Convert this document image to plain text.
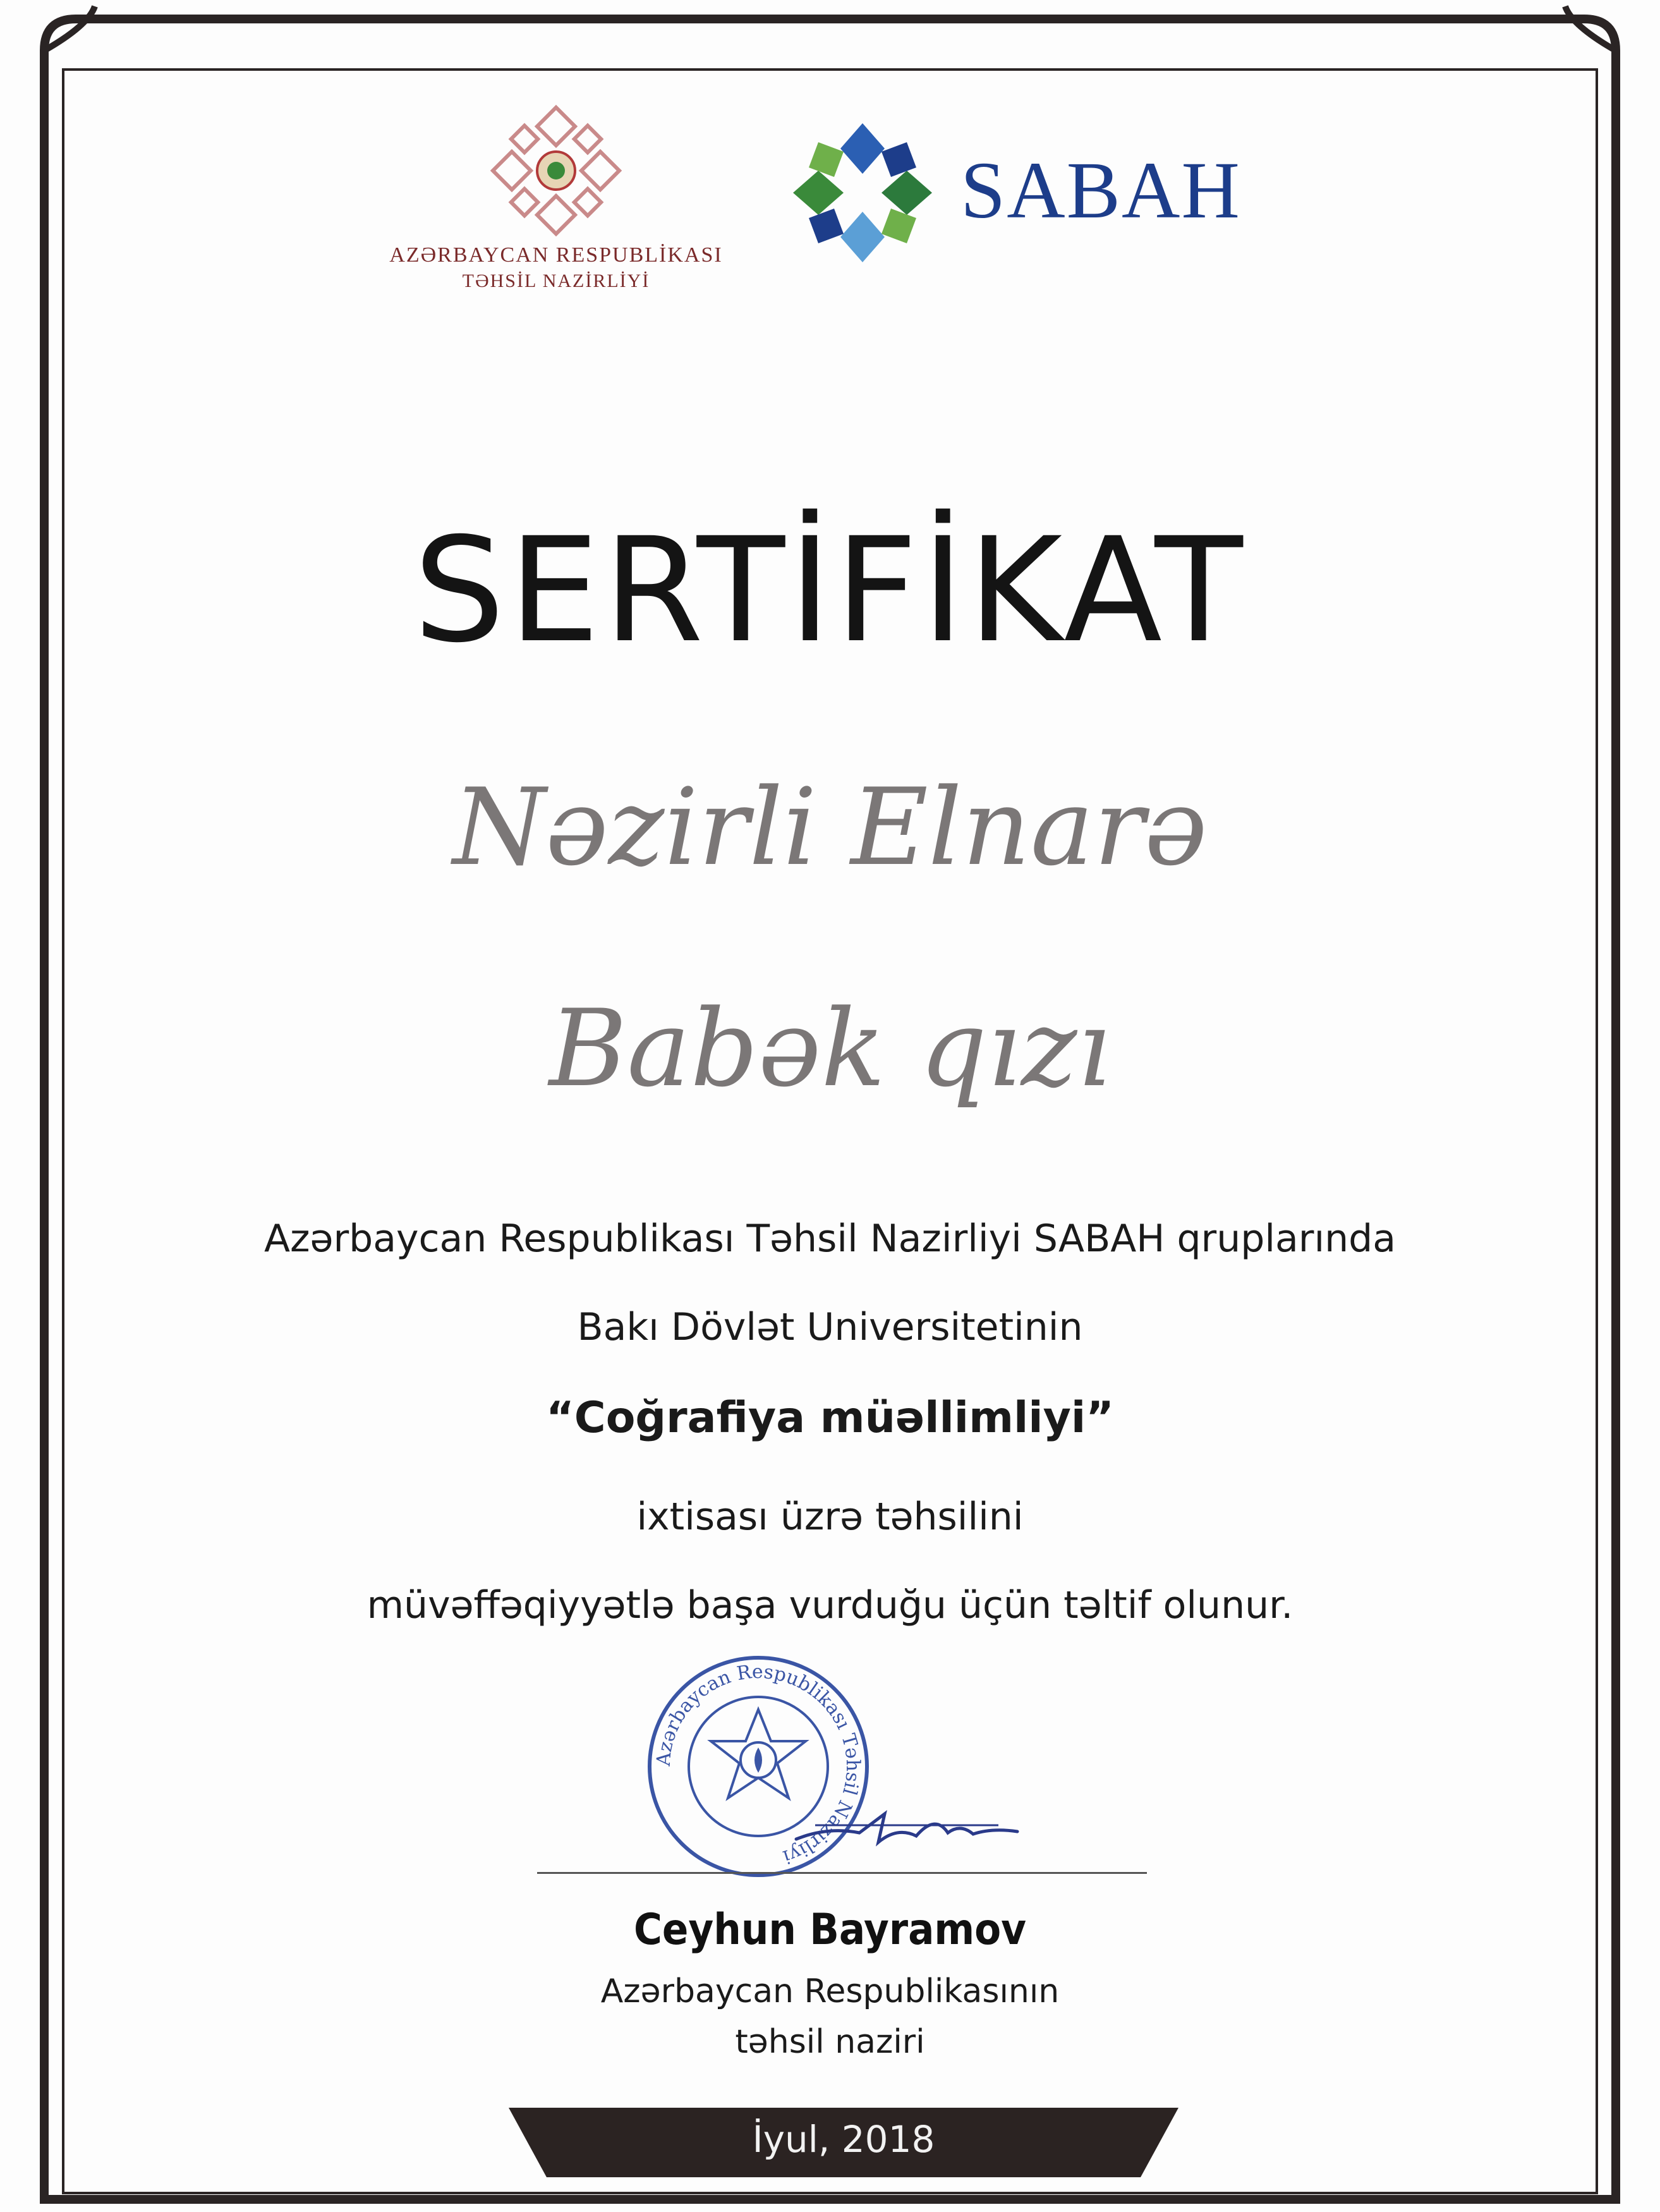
AZƏRBAYCAN RESPUBLİKASI
TƏHSİL NAZİRLİYİ
SABAH
SERTİFİKAT
Nəzirli Elnarə
Babək qızı
Azərbaycan Respublikası Təhsil Nazirliyi SABAH qruplarında
Bakı Dövlət Universitetinin
“Coğrafiya müəllimliyi”
ixtisası üzrə təhsilini
müvəffəqiyyətlə başa vurduğu üçün təltif olunur.
Azərbaycan Respublikası Təhsil Nazirliyi
Ceyhun Bayramov
Azərbaycan Respublikasının
təhsil naziri
İyul, 2018
